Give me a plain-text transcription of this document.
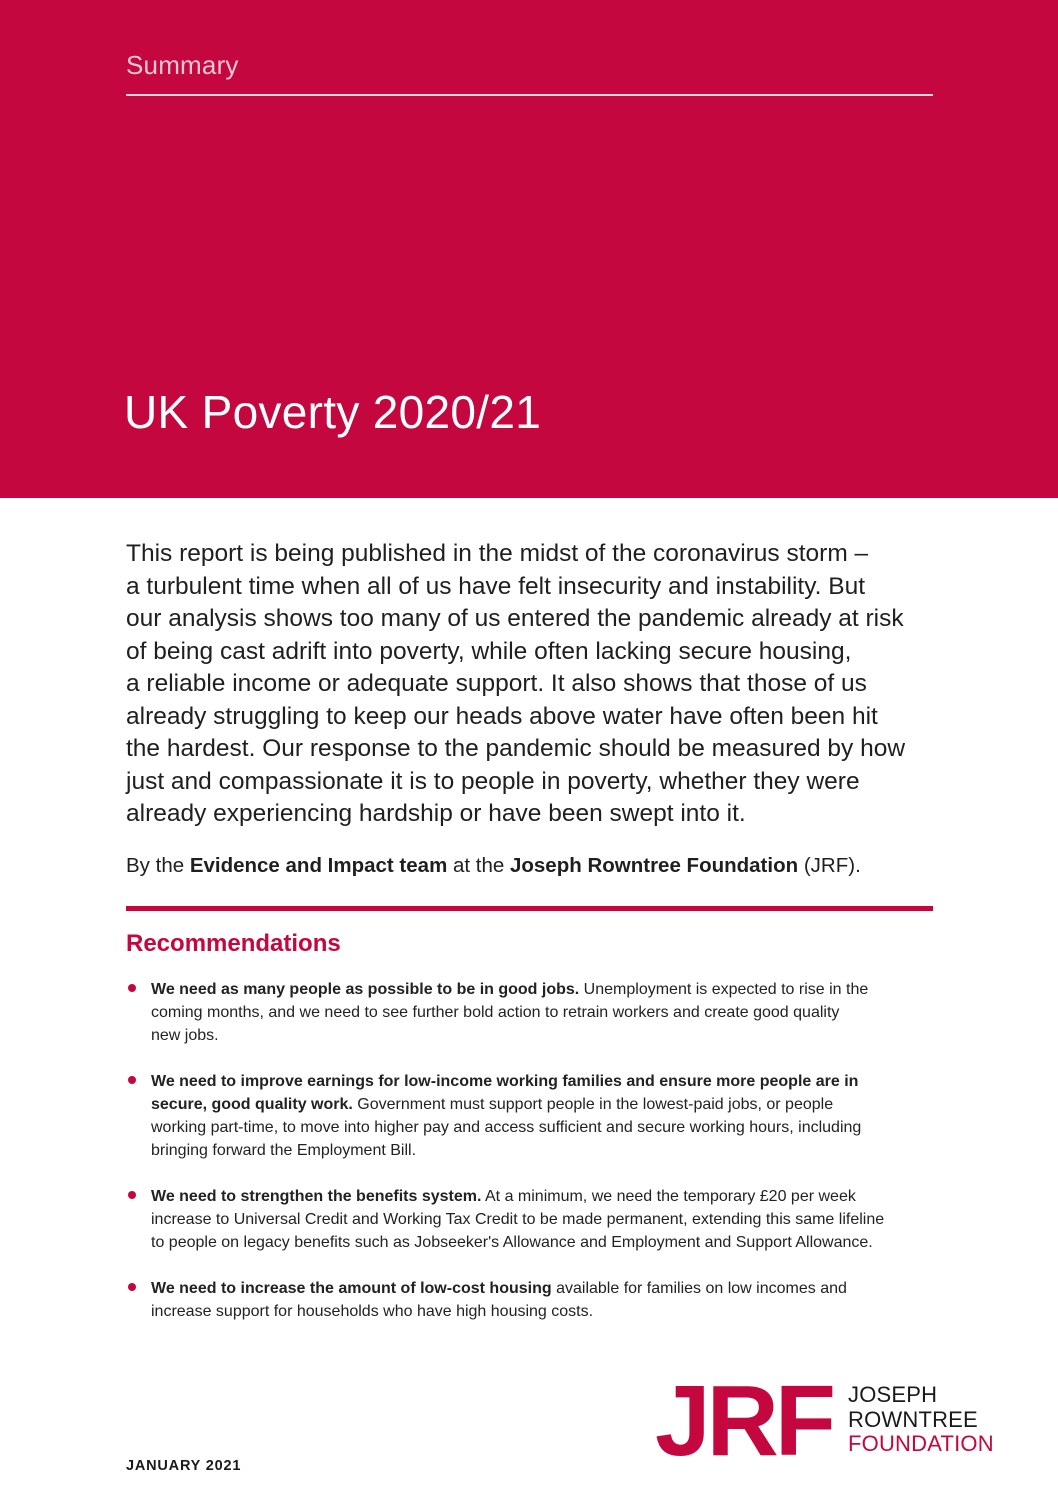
Summary
UK Poverty 2020/21
This report is being published in the midst of the coronavirus storm –
a turbulent time when all of us have felt insecurity and instability. But
our analysis shows too many of us entered the pandemic already at risk
of being cast adrift into poverty, while often lacking secure housing,
a reliable income or adequate support. It also shows that those of us
already struggling to keep our heads above water have often been hit
the hardest. Our response to the pandemic should be measured by how
just and compassionate it is to people in poverty, whether they were
already experiencing hardship or have been swept into it.
By the Evidence and Impact team at the Joseph Rowntree Foundation (JRF).
Recommendations
We need as many people as possible to be in good jobs. Unemployment is expected to rise in the
coming months, and we need to see further bold action to retrain workers and create good quality
new jobs.
We need to improve earnings for low-income working families and ensure more people are in
secure, good quality work. Government must support people in the lowest-paid jobs, or people
working part-time, to move into higher pay and access sufficient and secure working hours, including
bringing forward the Employment Bill.
We need to strengthen the benefits system. At a minimum, we need the temporary £20 per week
increase to Universal Credit and Working Tax Credit to be made permanent, extending this same lifeline
to people on legacy benefits such as Jobseeker's Allowance and Employment and Support Allowance.
We need to increase the amount of low-cost housing available for families on low incomes and
increase support for households who have high housing costs.
JANUARY 2021	JRF JOSEPH
ROWNTREE
FOUNDATION
